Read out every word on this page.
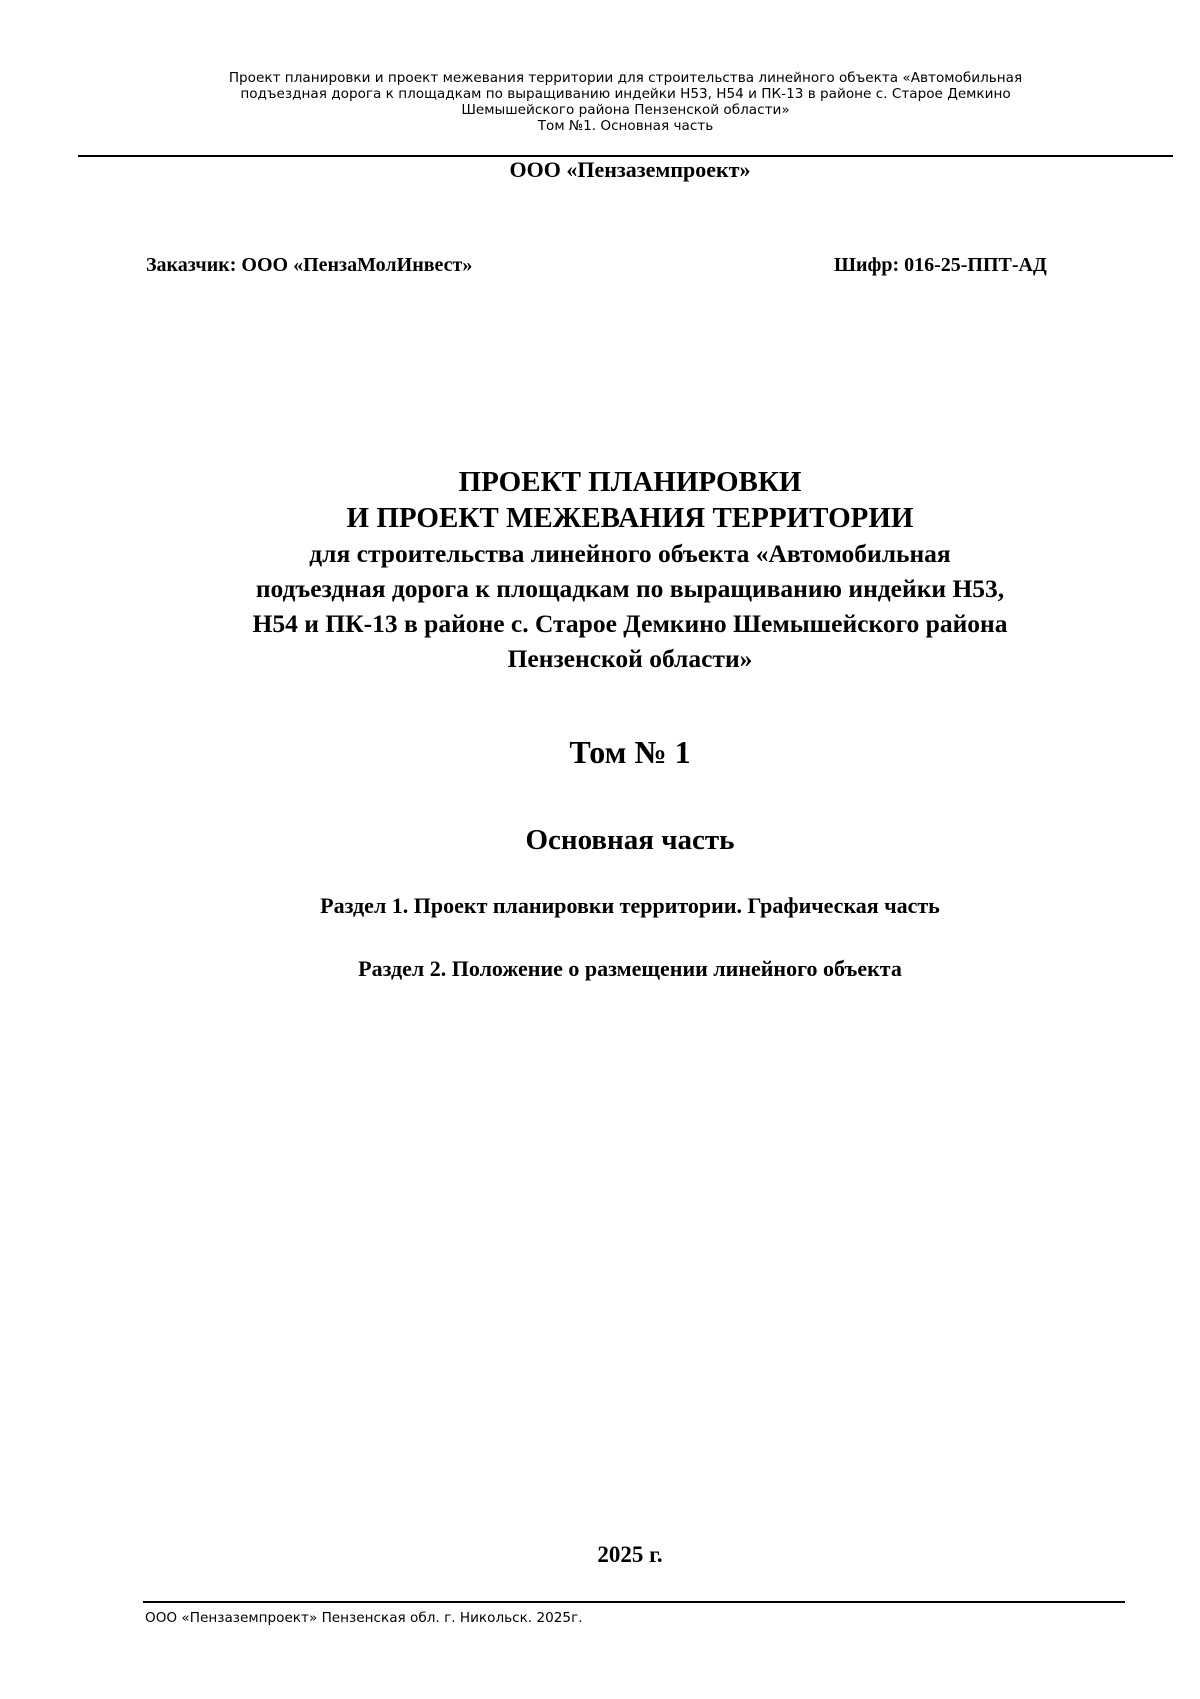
Проект планировки и проект межевания территории для строительства линейного объекта «Автомобильная
подъездная дорога к площадкам по выращиванию индейки Н53, Н54 и ПК-13 в районе с. Старое Демкино
Шемышейского района Пензенской области»
Том №1. Основная часть
ООО «Пензаземпроект»
Заказчик: ООО «ПензаМолИнвест»	Шифр: 016-25-ППТ-АД
ПРОЕКТ ПЛАНИРОВКИ
И ПРОЕКТ МЕЖЕВАНИЯ ТЕРРИТОРИИ
для строительства линейного объекта «Автомобильная
подъездная дорога к площадкам по выращиванию индейки Н53,
Н54 и ПК-13 в районе с. Старое Демкино Шемышейского района
Пензенской области»
Том № 1
Основная часть
Раздел 1. Проект планировки территории. Графическая часть
Раздел 2. Положение о размещении линейного объекта
2025 г.
ООО «Пензаземпроект» Пензенская обл. г. Никольск. 2025г.
